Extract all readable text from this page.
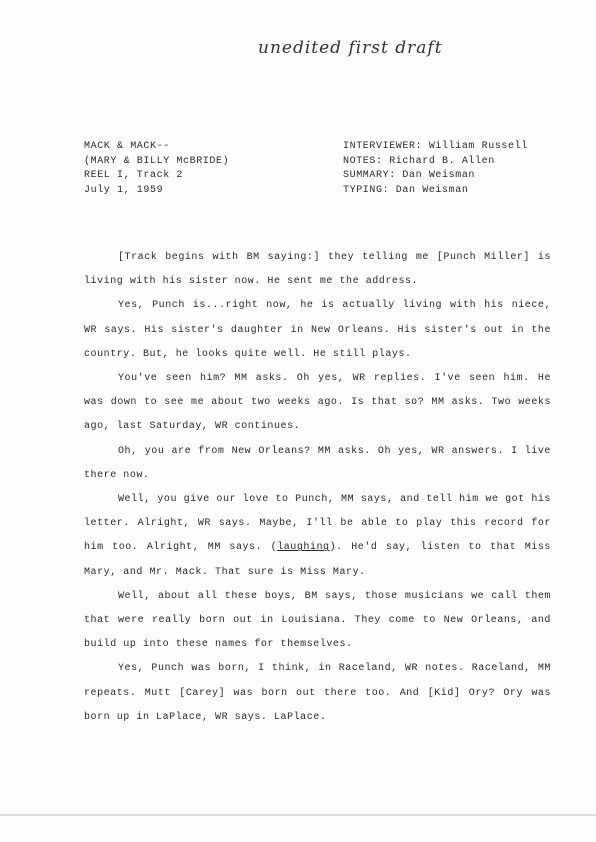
unedited first draft
MACK & MACK--
(MARY & BILLY McBRIDE)
REEL I, Track 2
July 1, 1959
INTERVIEWER: William Russell
NOTES: Richard B. Allen
SUMMARY: Dan Weisman
TYPING: Dan Weisman

[Track begins with BM saying:] they telling me [Punch Miller] is living with his sister now. He sent me the address.

Yes, Punch is...right now, he is actually living with his niece, WR says. His sister's daughter in New Orleans. His sister's out in the country. But, he looks quite well. He still plays.

You've seen him? MM asks. Oh yes, WR replies. I've seen him. He was down to see me about two weeks ago. Is that so? MM asks. Two weeks ago, last Saturday, WR continues.

Oh, you are from New Orleans? MM asks. Oh yes, WR answers. I live there now.

Well, you give our love to Punch, MM says, and tell him we got his letter. Alright, WR says. Maybe, I'll be able to play this record for him too. Alright, MM says. (laughing). He'd say, listen to that Miss Mary, and Mr. Mack. That sure is Miss Mary.

Well, about all these boys, BM says, those musicians we call them that were really born out in Louisiana. They come to New Orleans, and build up into these names for themselves.

Yes, Punch was born, I think, in Raceland, WR notes. Raceland, MM repeats. Mutt [Carey] was born out there too. And [Kid] Ory? Ory was born up in LaPlace, WR says. LaPlace.
